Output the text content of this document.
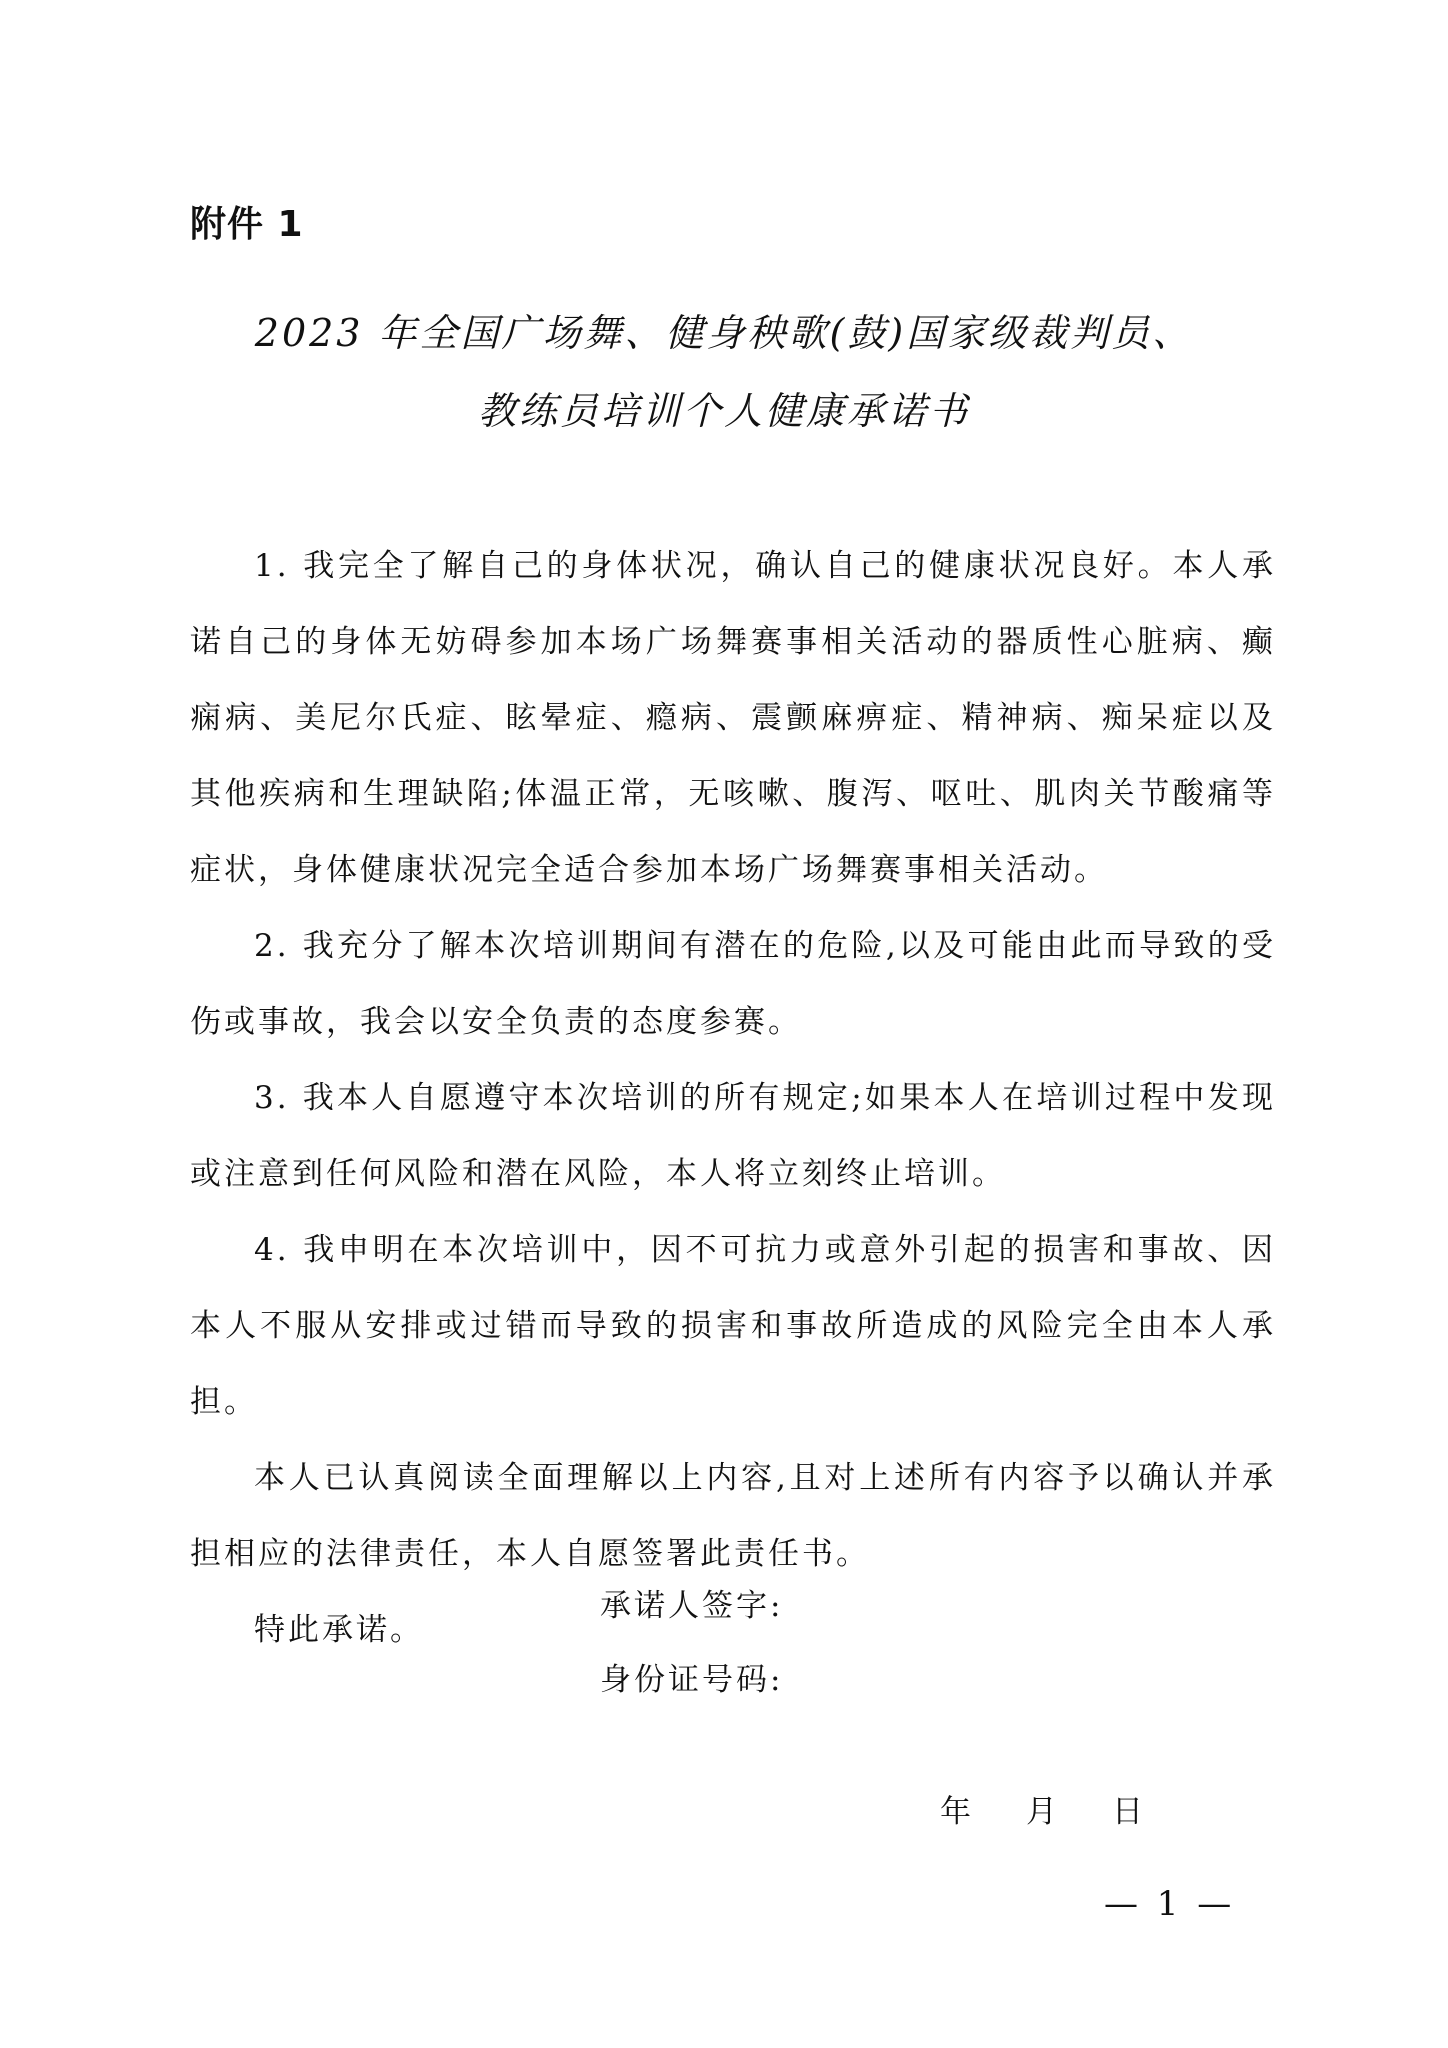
附件 1
2023 年全国广场舞、健身秧歌(鼓)国家级裁判员、
教练员培训个人健康承诺书

1. 我完全了解自己的身体状况，确认自己的健康状况良好。本人承诺自己的身体无妨碍参加本场广场舞赛事相关活动的器质性心脏病、癫痫病、美尼尔氏症、眩晕症、瘾病、震颤麻痹症、精神病、痴呆症以及其他疾病和生理缺陷;体温正常，无咳嗽、腹泻、呕吐、肌肉关节酸痛等症状，身体健康状况完全适合参加本场广场舞赛事相关活动。

2. 我充分了解本次培训期间有潜在的危险,以及可能由此而导致的受伤或事故，我会以安全负责的态度参赛。

3. 我本人自愿遵守本次培训的所有规定;如果本人在培训过程中发现或注意到任何风险和潜在风险，本人将立刻终止培训。

4. 我申明在本次培训中，因不可抗力或意外引起的损害和事故、因本人不服从安排或过错而导致的损害和事故所造成的风险完全由本人承担。

本人已认真阅读全面理解以上内容,且对上述所有内容予以确认并承担相应的法律责任，本人自愿签署此责任书。

特此承诺。

承诺人签字:
身份证号码:
年 月 日
— 1 —
